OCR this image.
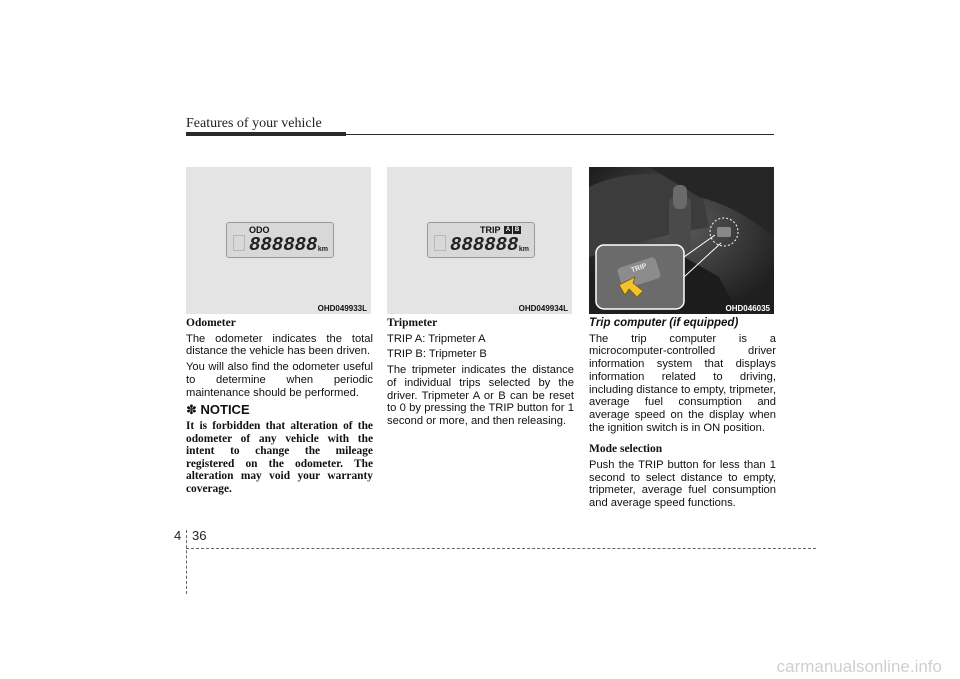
Features of your vehicle
ODO
888888 km
OHD049933L
TRIP A B
888888 km
OHD049934L
TRIP
OHD046035

Odometer

The odometer indicates the total distance the vehicle has been driven.

You will also find the odometer useful to determine when periodic maintenance should be performed.

✽ NOTICE

It is forbidden that alteration of the odometer of any vehicle with the intent to change the mileage registered on the odometer. The alteration may void your warranty coverage.

Tripmeter

TRIP A: Tripmeter A

TRIP B: Tripmeter B

The tripmeter indicates the distance of individual trips selected by the driver. Tripmeter A or B can be reset to 0 by pressing the TRIP button for 1 second or more, and then releasing.

Trip computer (if equipped)

The trip computer is a microcomputer-controlled driver information system that displays information related to driving, including distance to empty, tripmeter, average fuel consumption and average speed on the display when the ignition switch is in ON position.

Mode selection

Push the TRIP button for less than 1 second to select distance to empty, tripmeter, average fuel consumption and average speed functions.

4 36
carmanualsonline.info
